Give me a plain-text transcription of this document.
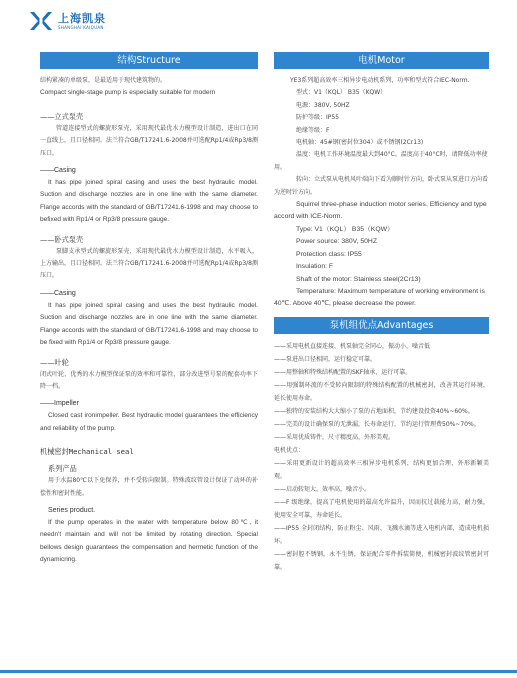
上海凯泉
SHANGHAI KAIQUAN
结构Structure
结构紧凑的单级泵，是最适用于现代建筑物的。
Compact single-stage pump is especially suitable for modern
——立式泵壳
管道连接型式的螺旋形泵壳，采用现代最优水力模型设计制造，进出口在同一直线上，且口径相同。法兰符合GB/T17241.6-2008并可选配Rp1/4或Rp3/8测压口。
——Casing
It has pipe joined spiral casing and uses the best hydraulic model. Suction and discharge nozzles are in one line with the same diameter. Flange accords with the standard of GB/T17241.6-1998 and may choose to befixed with Rp1/4 or Rp3/8 pressure gauge.
——卧式泵壳
泵脚支承型式的螺旋形泵壳，采用现代最优水力模型设计制造，水平吸入，上方输出，且口径相同。法兰符合GB/T17241.6-2008并可选配Rp1/4或Rp3/8测压口。
——Casing
It has pipe joined spiral casing and uses the best hydraulic model. Suction and discharge nozzles are in one line with the same diameter. Flange accords with the standard of GB/T17241.6-1998 and may choose to be fixed with Rp1/4 or Rp3/8 pressure gauge.
——叶轮
闭式叶轮，优秀的水力模型保证泵的效率和可靠性，部分改进型号泵的配套功率下降一档。
——Impeller
Closed cast ironimpeller. Best hydraulic model guarantees the efficiency and reliability of the pump.
机械密封Mechanical seal
系列产品
用于水温80℃以下免保养，并不受转向限制。特殊波纹管设计保证了动环的补偿性和密封性能。
Series product.
If the pump operates in the water with temperature below 80℃, it needn't maintain and will not be limited by rotating direction. Special bellows design guarantees the compensation and hermetic function of the dynamicring.
电机Motor
YE3系列超高效率三相异步电动机系列，功率和型式符合IEC-Norm.
型式：V1（KQL） B35（KQW）
电源：380V, 50HZ
防护等级：IP55
绝缘等级：F
电机轴：45#钢(密封位304）或不锈钢(2Cr13)
温度：电机工作环境温度最大到40°C。温度高于40°C时，请降低功率使用。
转向：立式泵从电机风叶端向下看为顺时针方向，卧式泵从泵进口方向看为逆时针方向。
Squirrel three-phase induction motor series. Efficiency and type accord with ICE-Norm.
Type: V1（KQL） B35（KQW）
Power source: 380V, 50HZ
Protection class: IP55
Insulation: F
Shaft of the motor: Stainless steel(2Cr13)
Temperature: Maximum temperature of working environment is 40℃. Above 40℃, please decrease the power.
泵机组优点Advantages
——采用电机直接连接，机泵轴完全同心，振动小，噪音低
——泵进出口径相同，运行稳定可靠。
——用整轴和特殊结构配置的SKF轴承，运行可靠。
——用强制环流的不受转向限制的特殊结构配置的机械密封，改善其运行环境，延长使用寿命。
——独特的安装结构大大缩小了泵的占地面积，节约建设投资40%~60%。
——完美的设计确保泵的无泄漏，长寿命运行，节约运行管理费50%~70%。
——采用优质铸件，尺寸精度高，外形美观。
电机优点：
——采用更新设计的超高效率三相异步电机系列，结构更加合理，外形新颖美观。
——启动转矩大，效率高，噪音小。
——F 级绝缘，提高了电机使用的最高允许温升，因而抗过载能力高，耐力强，使用安全可靠，寿命延长。
——IP55 全封闭结构，防止粉尘、风雨、飞溅水滴等进入电机内部，造成电机损坏。
——密封腔不锈钢，永不生锈，保证配合零件拆装简便，机械密封波纹管密封可靠。
